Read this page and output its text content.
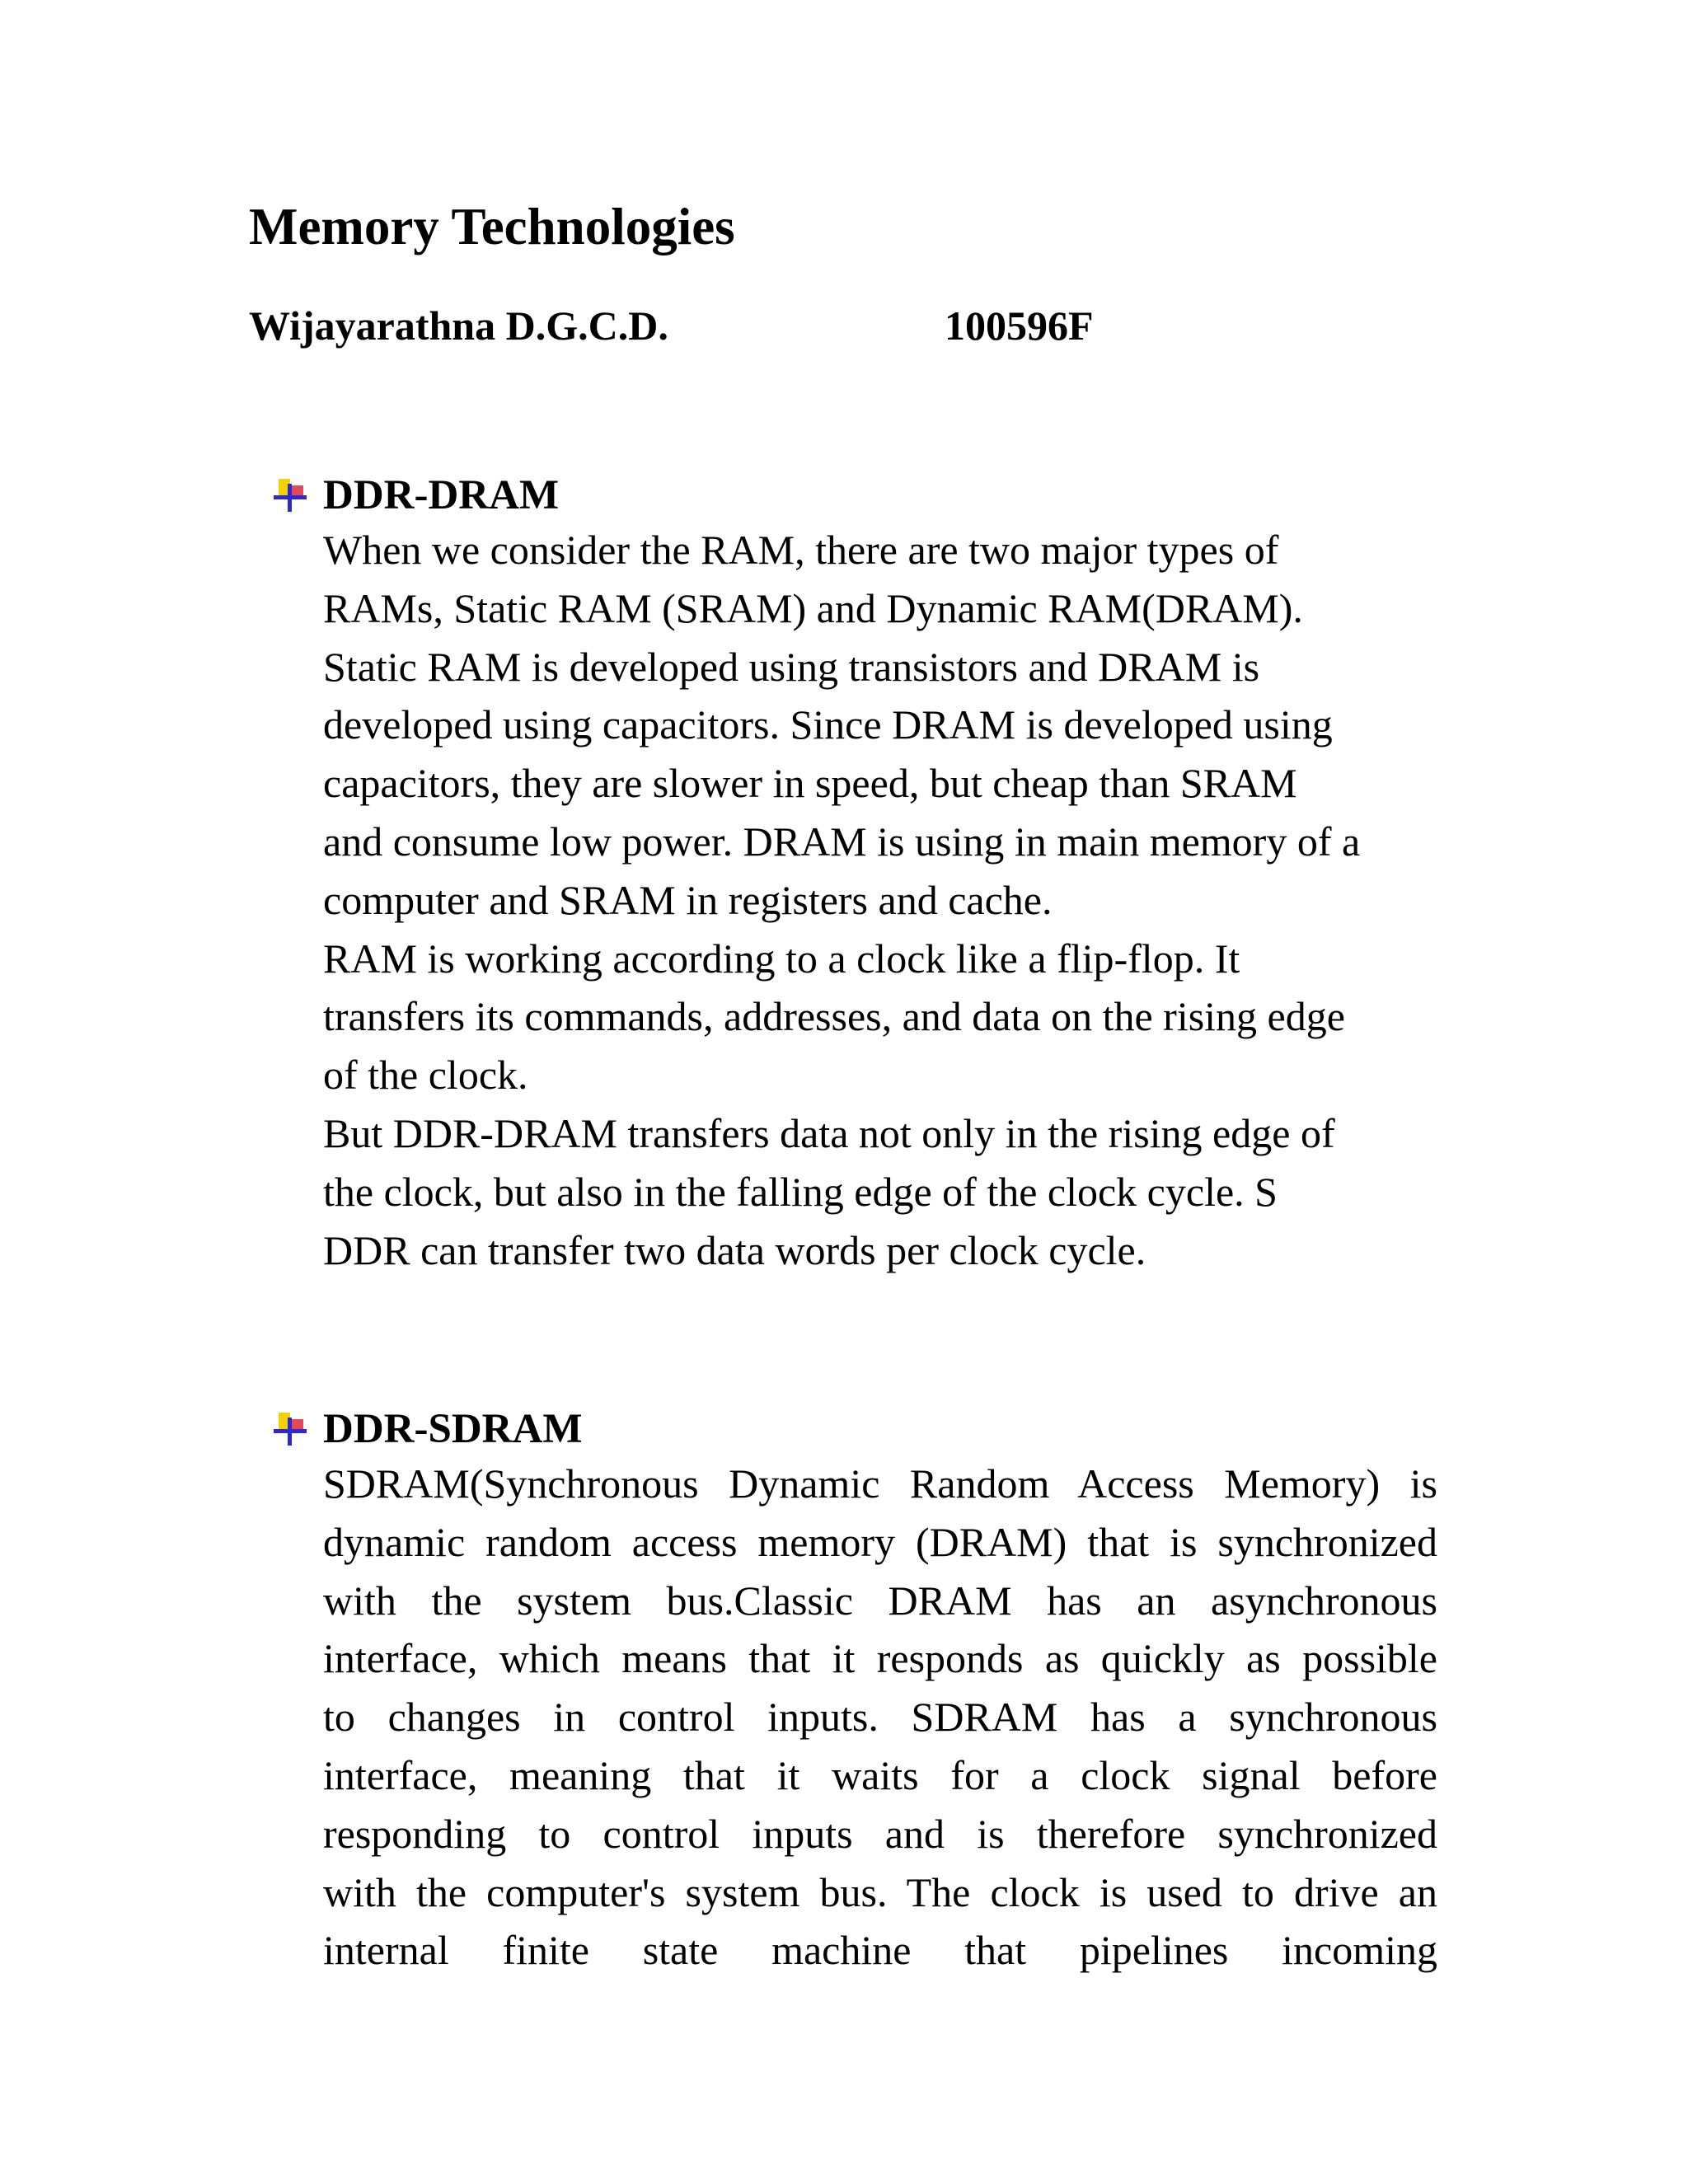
Memory Technologies
Wijayarathna D.G.C.D.	100596F
DDR-DRAM
When we consider the RAM, there are two major types of
RAMs, Static RAM (SRAM) and Dynamic RAM(DRAM).
Static RAM is developed using transistors and DRAM is
developed using capacitors. Since DRAM is developed using
capacitors, they are slower in speed, but cheap than SRAM
and consume low power. DRAM is using in main memory of a
computer and SRAM in registers and cache.
RAM is working according to a clock like a flip-flop. It
transfers its commands, addresses, and data on the rising edge
of the clock.
But DDR-DRAM transfers data not only in the rising edge of
the clock, but also in the falling edge of the clock cycle. S
DDR can transfer two data words per clock cycle.
DDR-SDRAM
SDRAM(Synchronous Dynamic Random Access Memory) is
dynamic random access memory (DRAM) that is synchronized
with the system bus.Classic DRAM has an asynchronous
interface, which means that it responds as quickly as possible
to changes in control inputs. SDRAM has a synchronous
interface, meaning that it waits for a clock signal before
responding to control inputs and is therefore synchronized
with the computer's system bus. The clock is used to drive an
internal finite state machine that pipelines incoming
